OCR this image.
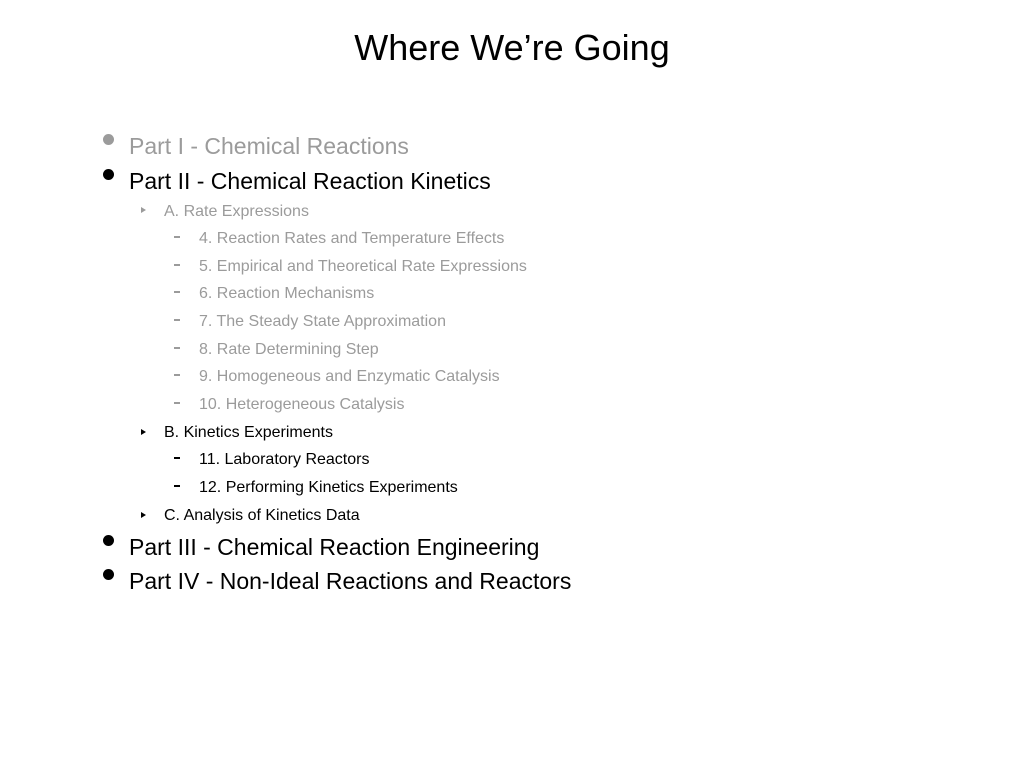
Where We’re Going
Part I - Chemical Reactions
Part II - Chemical Reaction Kinetics
A. Rate Expressions
4. Reaction Rates and Temperature Effects
5. Empirical and Theoretical Rate Expressions
6. Reaction Mechanisms
7. The Steady State Approximation
8. Rate Determining Step
9. Homogeneous and Enzymatic Catalysis
10. Heterogeneous Catalysis
B. Kinetics Experiments
11. Laboratory Reactors
12. Performing Kinetics Experiments
C. Analysis of Kinetics Data
Part III - Chemical Reaction Engineering
Part IV - Non-Ideal Reactions and Reactors
